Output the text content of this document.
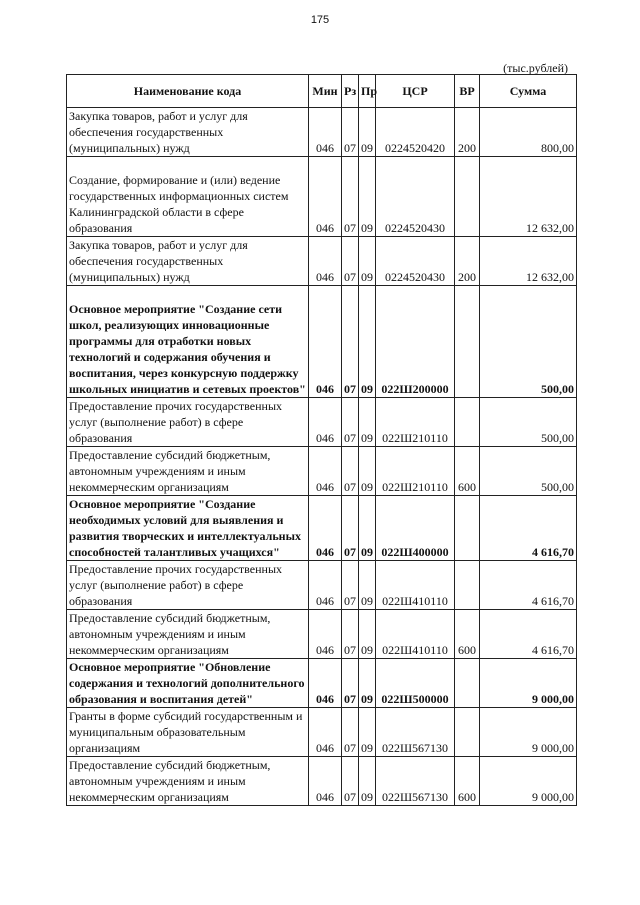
175
(тыс.рублей)
Наименование кода	Мин	Рз	Пр	ЦСР	ВР	Сумма
Закупка товаров, работ и услуг для обеспечения государственных (муниципальных) нужд	046	07	09	0224520420	200	800,00
Создание, формирование и (или) ведение государственных информационных систем Калининградской области в сфере образования	046	07	09	0224520430		12 632,00
Закупка товаров, работ и услуг для обеспечения государственных (муниципальных) нужд	046	07	09	0224520430	200	12 632,00
Основное мероприятие "Создание сети школ, реализующих инновационные программы для отработки новых технологий и содержания обучения и воспитания, через конкурсную поддержку школьных инициатив и сетевых проектов"	046	07	09	022Ш200000		500,00
Предоставление прочих государственных услуг (выполнение работ) в сфере образования	046	07	09	022Ш210110		500,00
Предоставление субсидий бюджетным, автономным учреждениям и иным некоммерческим организациям	046	07	09	022Ш210110	600	500,00
Основное мероприятие "Создание необходимых условий для выявления и развития творческих и интеллектуальных способностей талантливых учащихся"	046	07	09	022Ш400000		4 616,70
Предоставление прочих государственных услуг (выполнение работ) в сфере образования	046	07	09	022Ш410110		4 616,70
Предоставление субсидий бюджетным, автономным учреждениям и иным некоммерческим организациям	046	07	09	022Ш410110	600	4 616,70
Основное мероприятие "Обновление содержания и технологий дополнительного образования и воспитания детей"	046	07	09	022Ш500000		9 000,00
Гранты в форме субсидий государственным и муниципальным образовательным организациям	046	07	09	022Ш567130		9 000,00
Предоставление субсидий бюджетным, автономным учреждениям и иным некоммерческим организациям	046	07	09	022Ш567130	600	9 000,00
